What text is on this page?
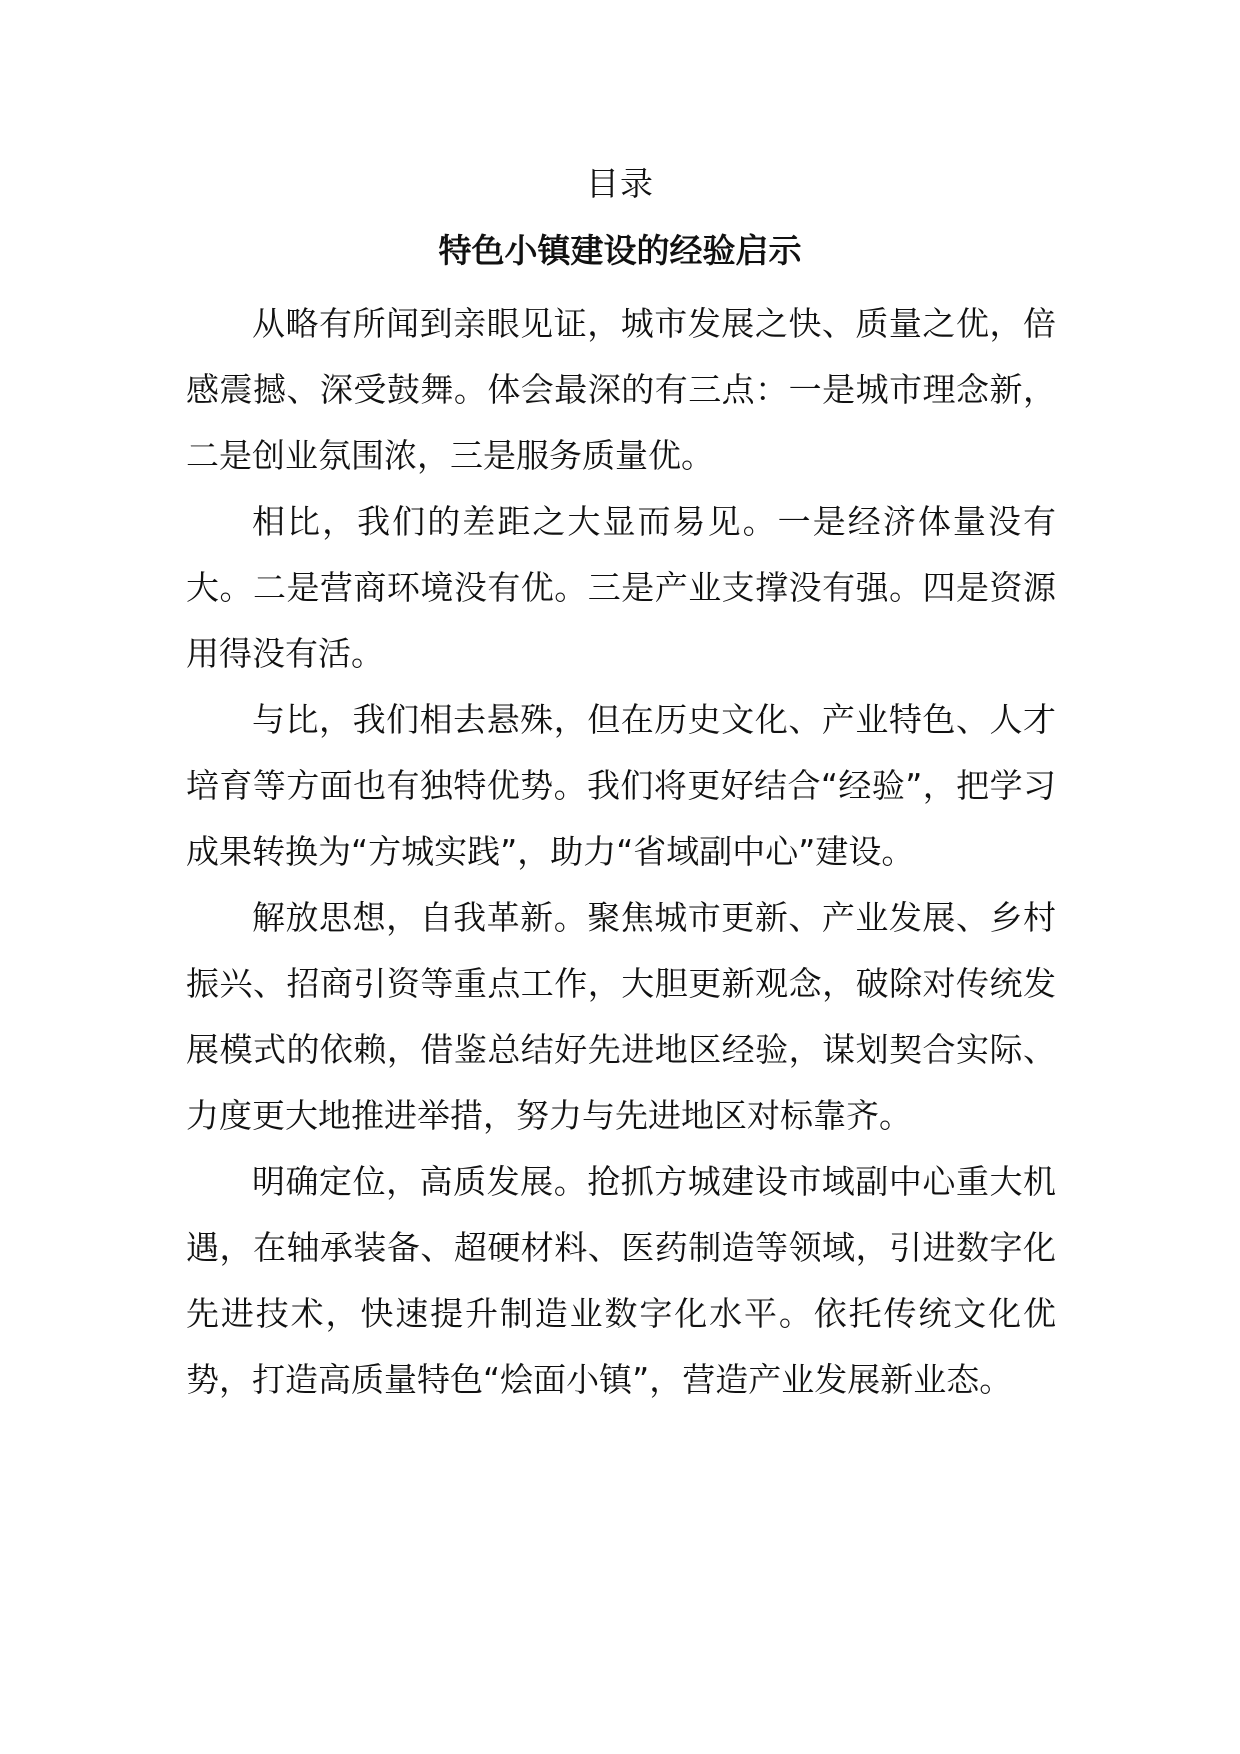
目录
特色小镇建设的经验启示

从略有所闻到亲眼见证，城市发展之快、质量之优，倍感震撼、深受鼓舞。体会最深的有三点：一是城市理念新，二是创业氛围浓，三是服务质量优。

相比，我们的差距之大显而易见。一是经济体量没有大。二是营商环境没有优。三是产业支撑没有强。四是资源用得没有活。

与比，我们相去悬殊，但在历史文化、产业特色、人才培育等方面也有独特优势。我们将更好结合“经验”，把学习成果转换为“方城实践”，助力“省域副中心”建设。

解放思想，自我革新。聚焦城市更新、产业发展、乡村振兴、招商引资等重点工作，大胆更新观念，破除对传统发展模式的依赖，借鉴总结好先进地区经验，谋划契合实际、力度更大地推进举措，努力与先进地区对标靠齐。

明确定位，高质发展。抢抓方城建设市域副中心重大机遇，在轴承装备、超硬材料、医药制造等领域，引进数字化先进技术，快速提升制造业数字化水平。依托传统文化优势，打造高质量特色“烩面小镇”，营造产业发展新业态。
